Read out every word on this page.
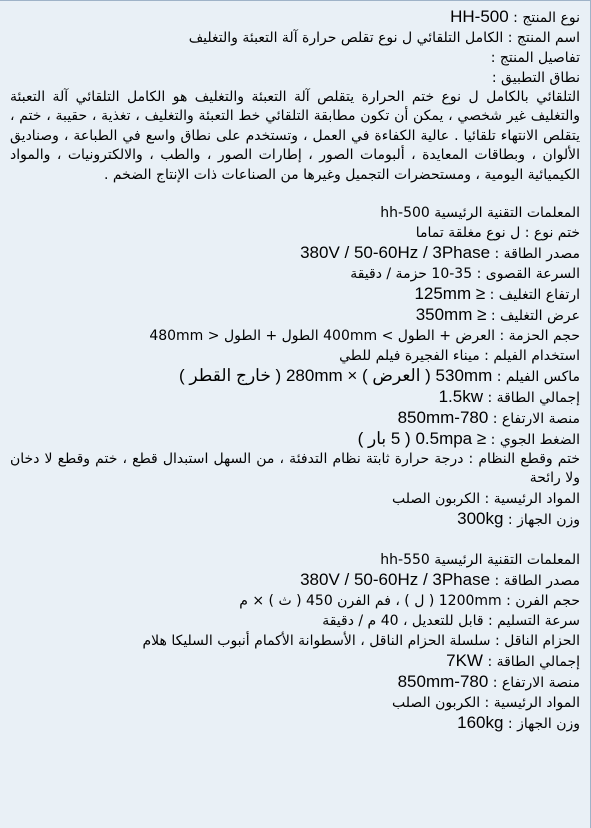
نوع المنتج : HH-500
اسم المنتج : الكامل التلقائي ل نوع تقلص حرارة آلة التعبئة والتغليف
تفاصيل المنتج :
نطاق التطبيق :
التلقائي بالكامل ل نوع ختم الحرارة يتقلص آلة التعبئة والتغليف هو الكامل التلقائي آلة التعبئة والتغليف غير شخصي ، يمكن أن تكون مطابقة التلقائي خط التعبئة والتغليف ، تغذية ، حقيبة ، ختم ، يتقلص الانتهاء تلقائيا . عالية الكفاءة في العمل ، وتستخدم على نطاق واسع في الطباعة ، وصناديق الألوان ، وبطاقات المعايدة ، ألبومات الصور ، إطارات الصور ، والطب ، والالكترونيات ، والمواد الكيميائية اليومية ، ومستحضرات التجميل وغيرها من الصناعات ذات الإنتاج الضخم .
المعلمات التقنية الرئيسية hh-500
ختم نوع : ل نوع مغلقة تماما
مصدر الطاقة : 380V / 50-60Hz / 3Phase
السرعة القصوى : 35-10 حزمة / دقيقة
ارتفاع التغليف : ≤ 125mm
عرض التغليف : ≤ 350mm
حجم الحزمة : العرض + الطول > 400mm الطول + الطول < 480mm
استخدام الفيلم : ميناء الفجيرة فيلم للطي
ماكس الفيلم : 530mm ( العرض ) × 280mm ( خارج القطر )
إجمالي الطاقة : 1.5kw
منصة الارتفاع : 850mm-780
الضغط الجوي : ≤ 0.5mpa ( 5 بار )
ختم وقطع النظام : درجة حرارة ثابتة نظام التدفئة ، من السهل استبدال قطع ، ختم وقطع لا دخان ولا رائحة
المواد الرئيسية : الكربون الصلب
وزن الجهاز : 300kg
المعلمات التقنية الرئيسية hh-550
مصدر الطاقة : 380V / 50-60Hz / 3Phase
حجم الفرن : 1200mm ( ل ) ، فم الفرن 450 ( ث ) × م
سرعة التسليم : قابل للتعديل ، 40 م / دقيقة
الحزام الناقل : سلسلة الحزام الناقل ، الأسطوانة الأكمام أنبوب السليكا هلام
إجمالي الطاقة : 7KW
منصة الارتفاع : 850mm-780
المواد الرئيسية : الكربون الصلب
وزن الجهاز : 160kg
